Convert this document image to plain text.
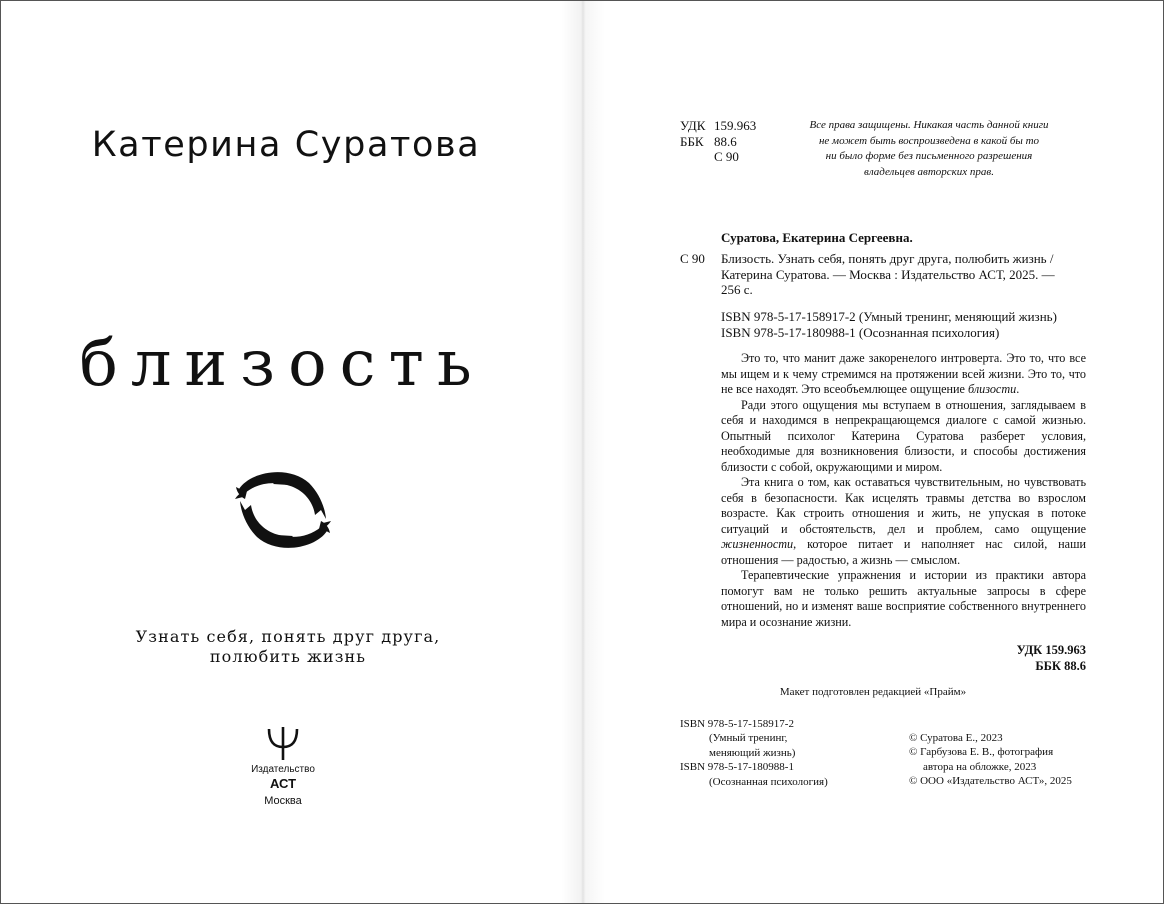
Катерина Суратова
близость
Узнать себя, понять друг друга,
полюбить жизнь
Издательство
АСТ
Москва
УДК 159.963
ББК 88.6
С 90
Все права защищены. Никакая часть данной книги
не может быть воспроизведена в какой бы то
ни было форме без письменного разрешения
владельцев авторских прав.
Суратова, Екатерина Сергеевна.
С 90 Близость. Узнать себя, понять друг друга, полюбить жизнь /
Катерина Суратова. — Москва : Издательство АСТ, 2025. —
256 с.
ISBN 978-5-17-158917-2 (Умный тренинг, меняющий жизнь)
ISBN 978-5-17-180988-1 (Осознанная психология)

Это то, что манит даже закоренелого интроверта. Это то, что все мы ищем и к чему стремимся на протяжении всей жизни. Это то, что не все находят. Это всеобъемлющее ощущение близости.

Ради этого ощущения мы вступаем в отношения, заглядываем в себя и находимся в непрекращающемся диалоге с самой жизнью. Опытный психолог Катерина Суратова разберет условия, необходимые для возникновения близости, и способы достижения близости с собой, окружающими и миром.

Эта книга о том, как оставаться чувствительным, но чувствовать себя в безопасности. Как исцелять травмы детства во взрослом возрасте. Как строить отношения и жить, не упуская в потоке ситуаций и обстоятельств, дел и проблем, само ощущение жизненности, которое питает и наполняет нас силой, наши отношения — радостью, а жизнь — смыслом.

Терапевтические упражнения и истории из практики автора помогут вам не только решить актуальные запросы в сфере отношений, но и изменят ваше восприятие собственного внутреннего мира и осознание жизни.

УДК 159.963
ББК 88.6
Макет подготовлен редакцией «Прайм»
ISBN 978-5-17-158917-2
(Умный тренинг,
меняющий жизнь)
ISBN 978-5-17-180988-1
(Осознанная психология)
© Суратова Е., 2023
© Гарбузова Е. В., фотография
автора на обложке, 2023
© ООО «Издательство АСТ», 2025
